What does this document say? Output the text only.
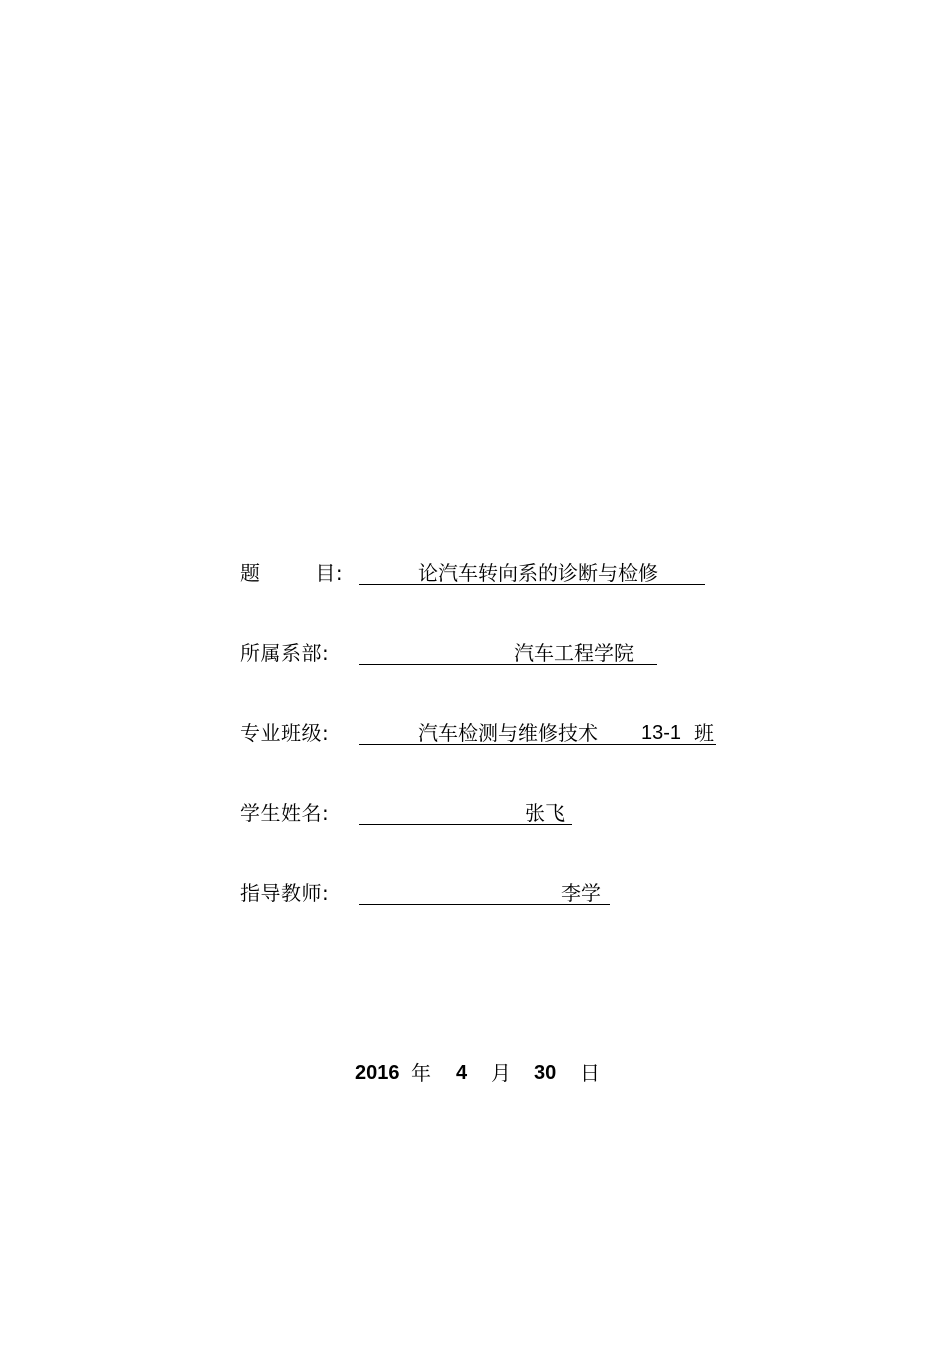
题        目:

	论汽车转向系的诊断与检修

所属系部:

	汽车工程学院

专业班级:

	汽车检测与维修技术

13-1

班

学生姓名:

	张飞

指导教师:

	李学

2016 年 4 月 30 日
